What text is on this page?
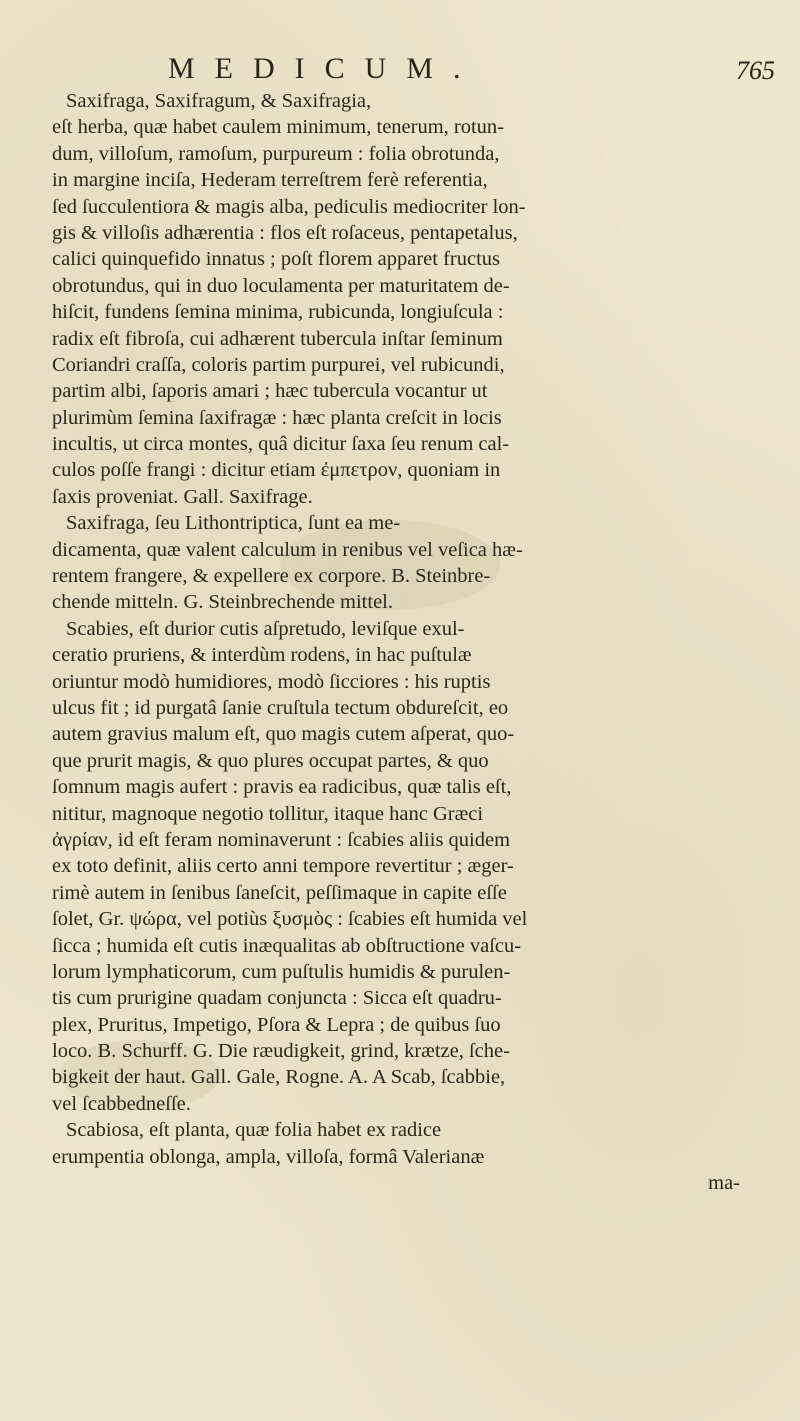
MEDICUM.	765
Saxifraga, Saxifragum, & Saxifragia,
eſt herba, quæ habet caulem minimum, tenerum, rotun-
dum, villoſum, ramoſum, purpureum : folia obrotunda,
in margine inciſa, Hederam terreſtrem ferè referentia,
ſed ſucculentiora & magis alba, pediculis mediocriter lon-
gis & villoſis adhærentia : flos eſt roſaceus, pentapetalus,
calici quinquefido innatus ; poſt florem apparet fructus
obrotundus, qui in duo loculamenta per maturitatem de-
hiſcit, fundens ſemina minima, rubicunda, longiuſcula :
radix eſt fibroſa, cui adhærent tubercula inſtar ſeminum
Coriandri craſſa, coloris partim purpurei, vel rubicundi,
partim albi, ſaporis amari ; hæc tubercula vocantur ut
plurimùm ſemina ſaxifragæ : hæc planta creſcit in locis
incultis, ut circa montes, quâ dicitur ſaxa ſeu renum cal-
culos poſſe frangi : dicitur etiam ἐμπετρον, quoniam in
ſaxis proveniat. Gall. Saxifrage.
Saxifraga, ſeu Lithontriptica, ſunt ea me-
dicamenta, quæ valent calculum in renibus vel veſica hæ-
rentem frangere, & expellere ex corpore. B. Steinbre-
chende mitteln. G. Steinbrechende mittel.
Scabies, eſt durior cutis aſpretudo, leviſque exul-
ceratio pruriens, & interdùm rodens, in hac puſtulæ
oriuntur modò humidiores, modò ſicciores : his ruptis
ulcus fit ; id purgatâ ſanie cruſtula tectum obdureſcit, eo
autem gravius malum eſt, quo magis cutem aſperat, quo-
que prurit magis, & quo plures occupat partes, & quo
ſomnum magis aufert : pravis ea radicibus, quæ talis eſt,
nititur, magnoque negotio tollitur, itaque hanc Græci
ἀγρίαν, id eſt feram nominaverunt : ſcabies aliis quidem
ex toto definit, aliis certo anni tempore revertitur ; æger-
rimè autem in ſenibus ſaneſcit, peſſimaque in capite eſſe
ſolet, Gr. ψώρα, vel potiùs ξυσμὸς : ſcabies eſt humida vel
ſicca ; humida eſt cutis inæqualitas ab obſtructione vaſcu-
lorum lymphaticorum, cum puſtulis humidis & purulen-
tis cum prurigine quadam conjuncta : Sicca eſt quadru-
plex, Pruritus, Impetigo, Pſora & Lepra ; de quibus ſuo
loco. B. Schurff. G. Die ræudigkeit, grind, krætze, ſche-
bigkeit der haut. Gall. Gale, Rogne. A. A Scab, ſcabbie,
vel ſcabbedneſſe.
Scabiosa, eſt planta, quæ folia habet ex radice
erumpentia oblonga, ampla, villoſa, formâ Valerianæ
ma-
